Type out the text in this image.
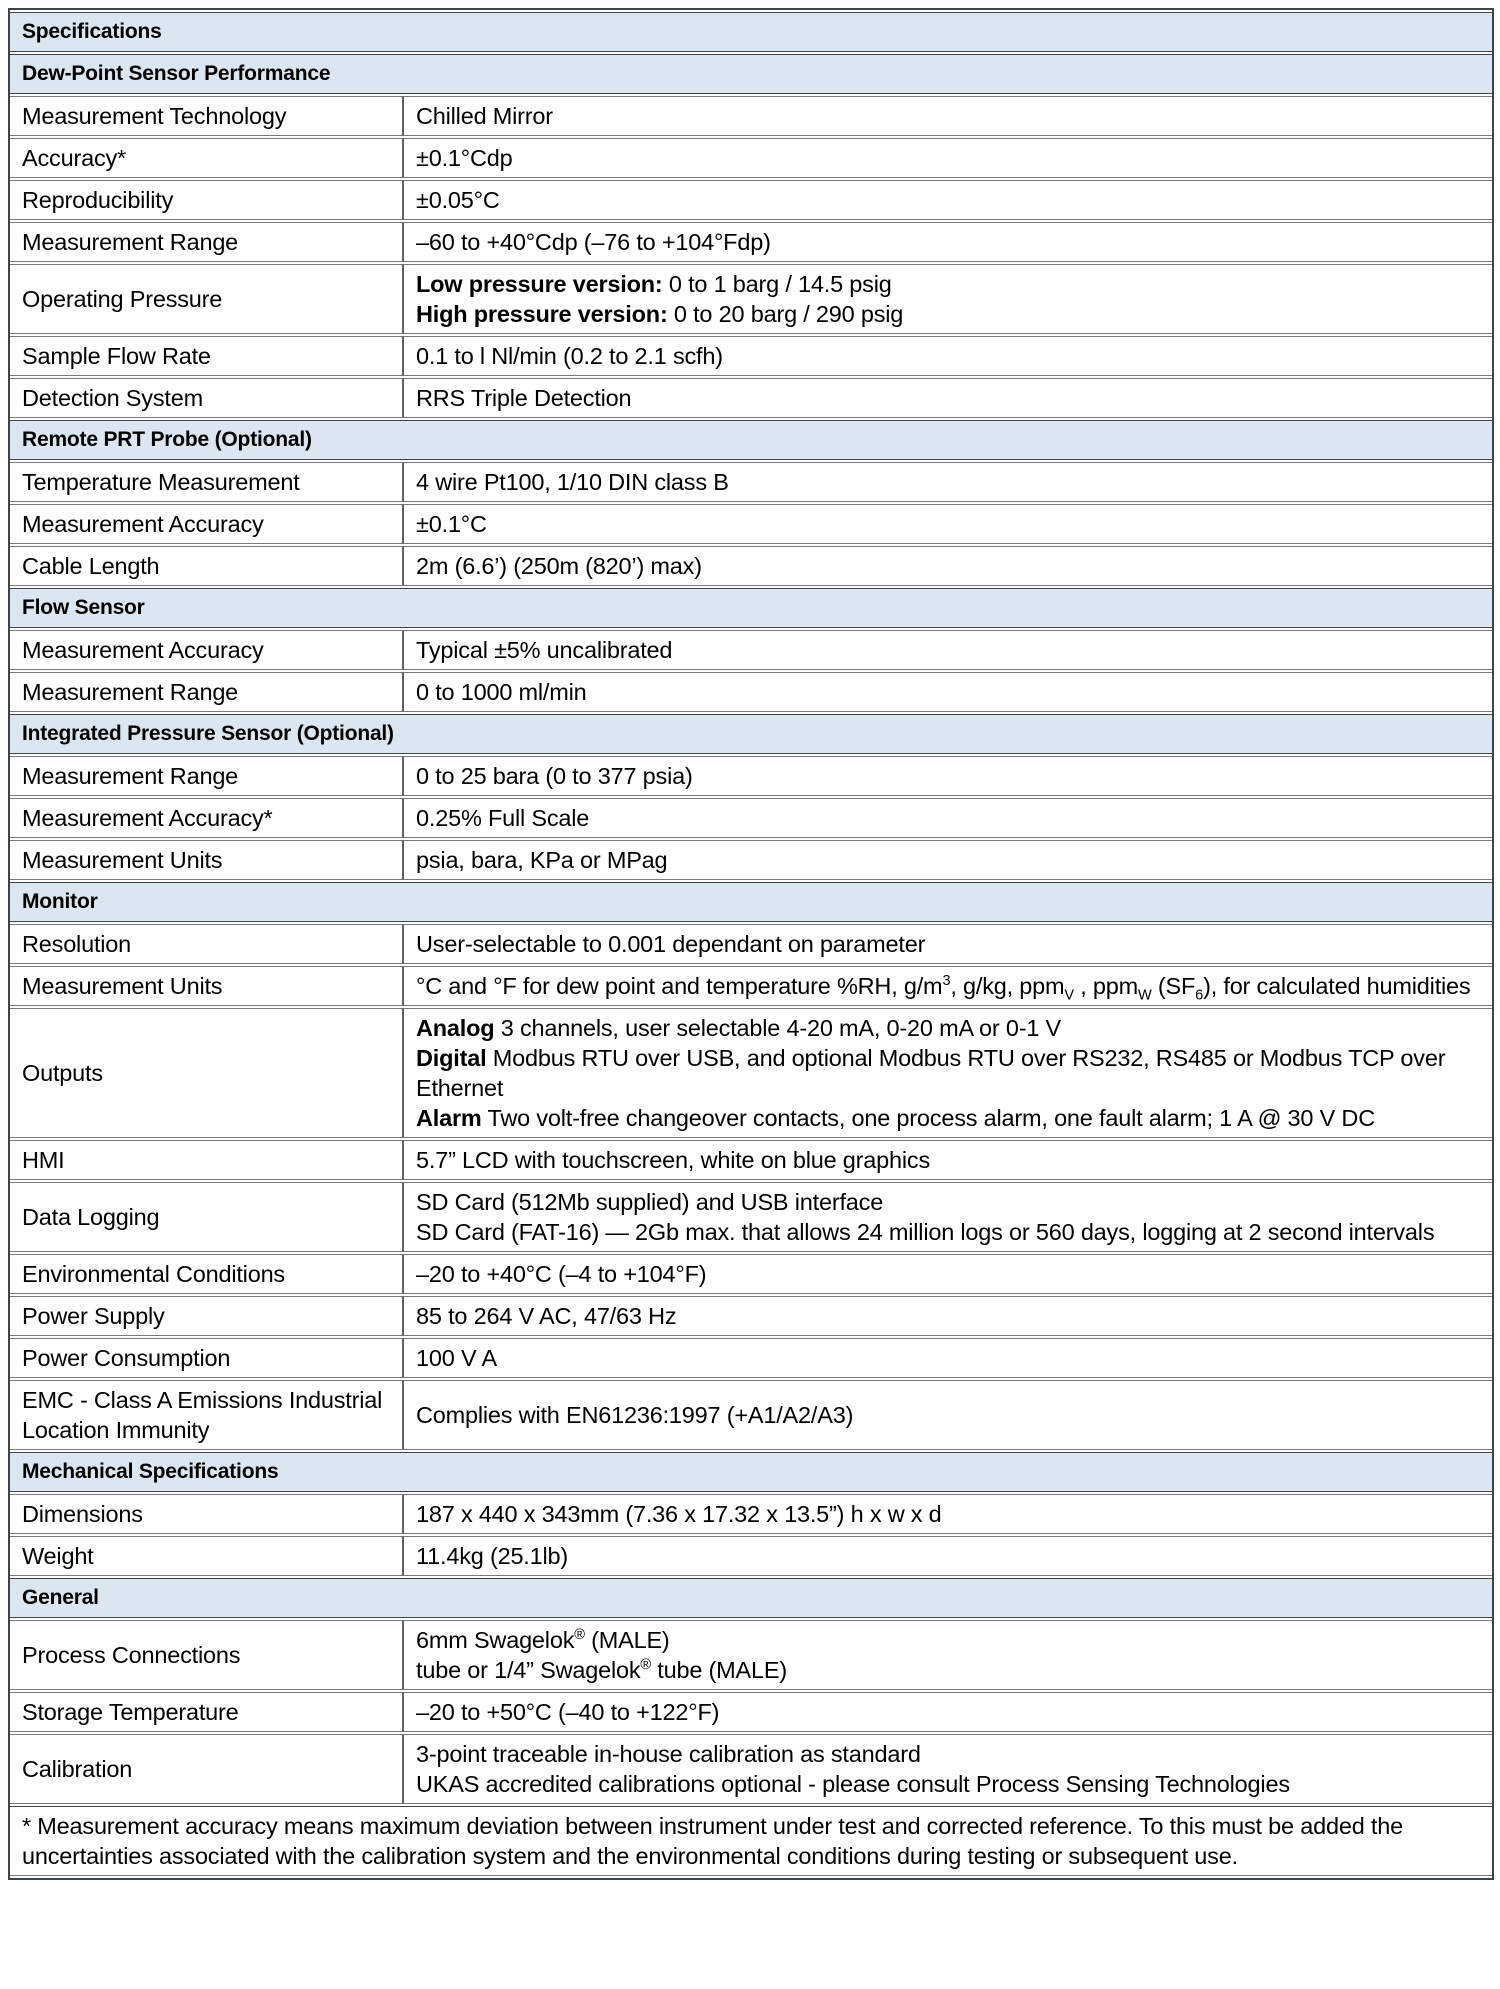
Specifications	
Dew-Point Sensor Performance	
Measurement Technology	Chilled Mirror
Accuracy*	±0.1°Cdp
Reproducibility	±0.05°C
Measurement Range	–60 to +40°Cdp (–76 to +104°Fdp)
Operating Pressure	Low pressure version: 0 to 1 barg / 14.5 psig
High pressure version: 0 to 20 barg / 290 psig
Sample Flow Rate	0.1 to l Nl/min (0.2 to 2.1 scfh)
Detection System	RRS Triple Detection
Remote PRT Probe (Optional)	
Temperature Measurement	4 wire Pt100, 1/10 DIN class B
Measurement Accuracy	±0.1°C
Cable Length	2m (6.6’) (250m (820’) max)
Flow Sensor	
Measurement Accuracy	Typical ±5% uncalibrated
Measurement Range	0 to 1000 ml/min
Integrated Pressure Sensor (Optional)	
Measurement Range	0 to 25 bara (0 to 377 psia)
Measurement Accuracy*	0.25% Full Scale
Measurement Units	psia, bara, KPa or MPag
Monitor	
Resolution	User-selectable to 0.001 dependant on parameter
Measurement Units	°C and °F for dew point and temperature %RH, $g/m^3$, g/kg, ppm$_V$ , ppm$_W$ $(SF_6)$, for calculated humidities
Outputs	Analog 3 channels, user selectable 4-20 mA, 0-20 mA or 0-1 V
Digital Modbus RTU over USB, and optional Modbus RTU over RS232, RS485 or Modbus TCP over Ethernet
Alarm Two volt-free changeover contacts, one process alarm, one fault alarm; 1 A @ 30 V DC
HMI	5.7” LCD with touchscreen, white on blue graphics
Data Logging	SD Card (512Mb supplied) and USB interface
SD Card (FAT-16) — 2Gb max. that allows 24 million logs or 560 days, logging at 2 second intervals
Environmental Conditions	–20 to +40°C (–4 to +104°F)
Power Supply	85 to 264 V AC, 47/63 Hz
Power Consumption	100 V A
EMC - Class A Emissions Industrial Location Immunity	Complies with EN61236:1997 (+A1/A2/A3)
Mechanical Specifications	
Dimensions	187 x 440 x 343mm (7.36 x 17.32 x 13.5”) h x w x d
Weight	11.4kg (25.1lb)
General	
Process Connections	6mm Swagelok® (MALE)
tube or 1/4” Swagelok® tube (MALE)
Storage Temperature	–20 to +50°C (–40 to +122°F)
Calibration	3-point traceable in-house calibration as standard
UKAS accredited calibrations optional - please consult Process Sensing Technologies
* Measurement accuracy means maximum deviation between instrument under test and corrected reference. To this must be added the
uncertainties associated with the calibration system and the environmental conditions during testing or subsequent use.	
